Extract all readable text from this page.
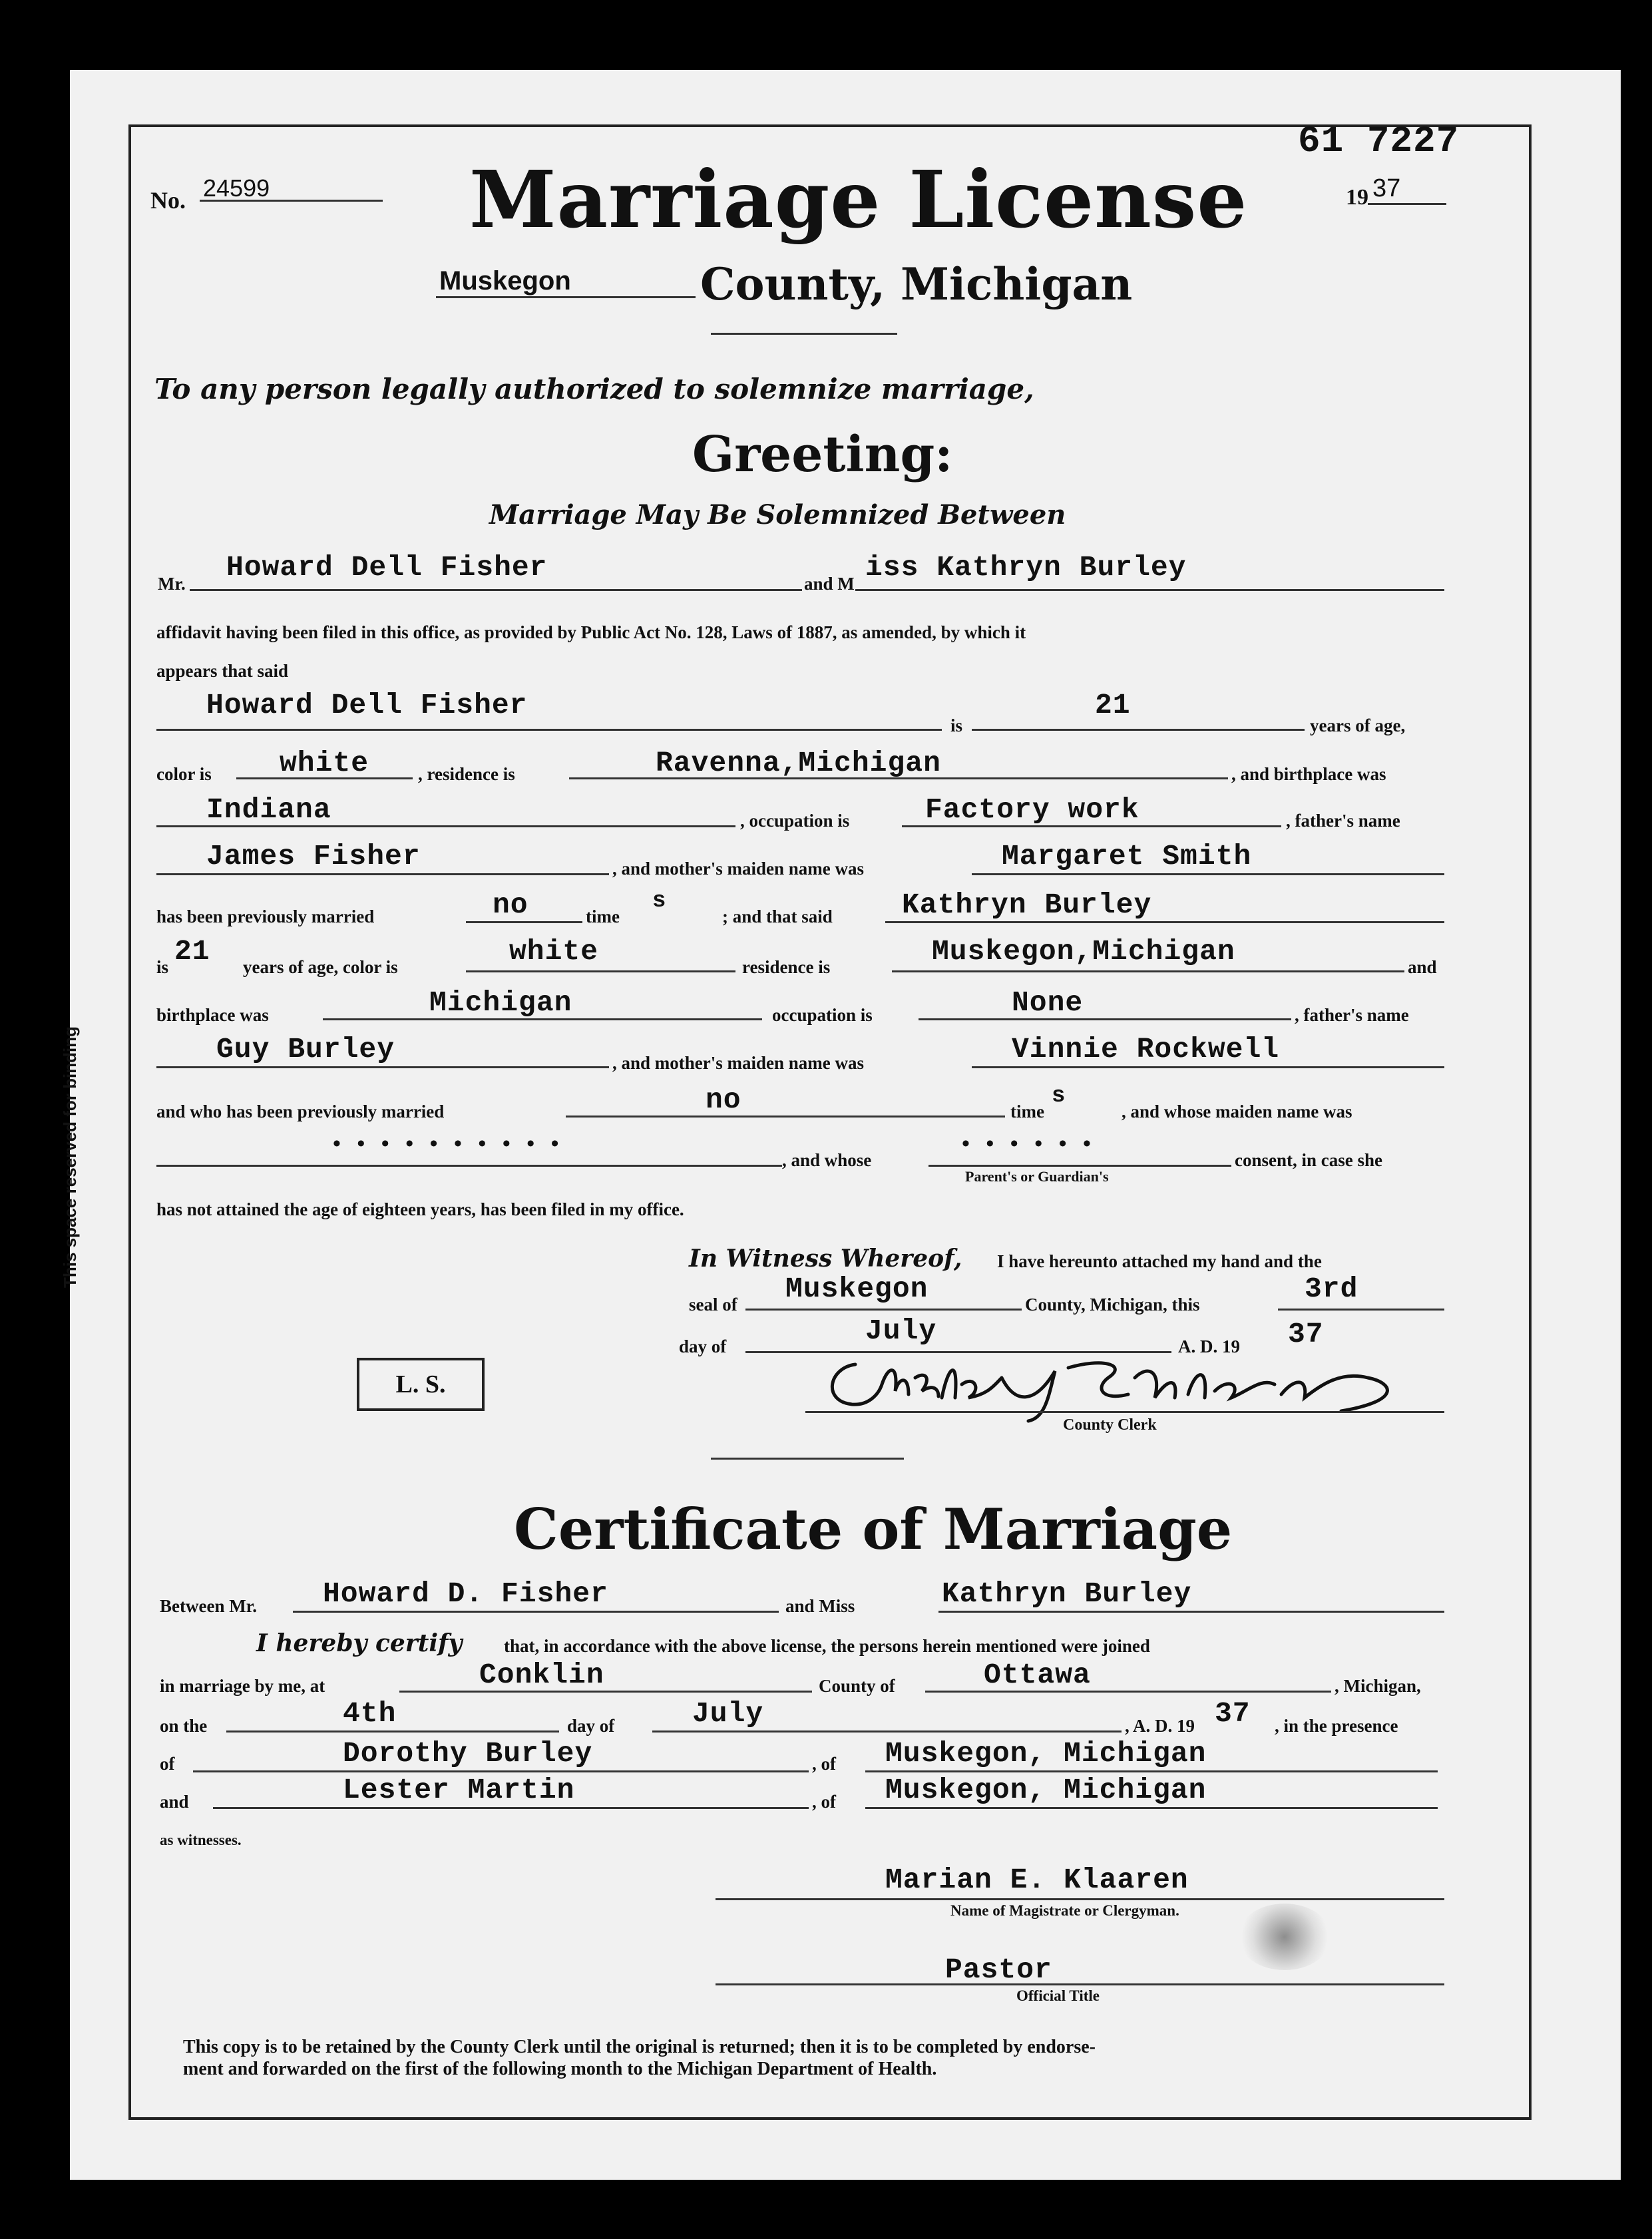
This space reserved for binding
61 7227
No. 24599	Marriage License	19 37
Muskegon	County, Michigan
To any person legally authorized to solemnize marriage,
Greeting:
Marriage May Be Solemnized Between
Mr. Howard Dell Fisher	and M iss Kathryn Burley
affidavit having been filed in this office, as provided by Public Act No. 128, Laws of 1887, as amended, by which it
appears that said
Howard Dell Fisher
is
21
years of age,
color is white	, residence is	Ravenna,Michigan	, and birthplace was
Indiana	, occupation is	Factory work	, father's name
James Fisher	, and mother's maiden name was	Margaret Smith
has been previously married	no	time
s
; and that said Kathryn Burley
is 21 years of age, color is	white	residence is	Muskegon,Michigan	and
birthplace was	Michigan	occupation is	None	, father's name
Guy Burley	, and mother's maiden name was	Vinnie Rockwell
and who has been previously married	no	time
s
, and whose maiden name was
• • • • • • • • • •
, and whose
• • • • • •
Parent's or Guardian's
consent, in case she
has not attained the age of eighteen years, has been filed in my office.
In Witness Whereof, I have hereunto attached my hand and the
seal of Muskegon	County, Michigan, this	3rd
day of	July	A. D. 19 37
L. S.
County Clerk
Certificate of Marriage
Between Mr. Howard D. Fisher	and Miss	Kathryn Burley
I hereby certify that, in accordance with the above license, the persons herein mentioned were joined
in marriage by me, at	Conklin	County of	Ottawa	, Michigan,
on the	4th	day of	July	, A. D. 19 37 , in the presence
of	Dorothy Burley	, of Muskegon, Michigan
and	Lester Martin	, of Muskegon, Michigan
as witnesses.
Marian E. Klaaren
Name of Magistrate or Clergyman.
Pastor
Official Title
This copy is to be retained by the County Clerk until the original is returned; then it is to be completed by endorse-
ment and forwarded on the first of the following month to the Michigan Department of Health.
